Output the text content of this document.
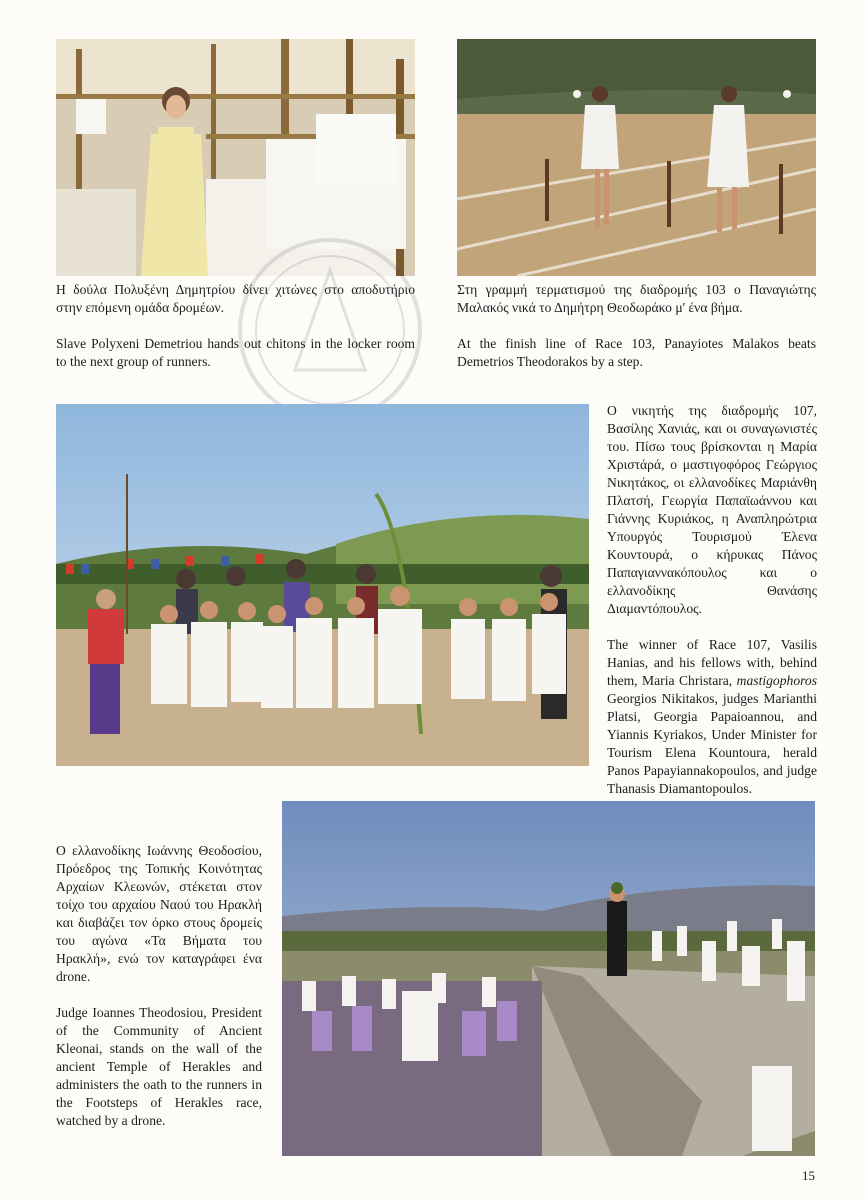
Η δούλα Πολυξένη Δημητρίου δίνει χιτώνες στο αποδυτήριο στην επόμενη ομάδα δρομέων.

Slave Polyxeni Demetriou hands out chitons in the locker room to the next group of runners.

Στη γραμμή τερματισμού της διαδρομής 103 ο Παναγιώτης Μαλακός νικά το Δημήτρη Θεοδωράκο μ' ένα βήμα.

At the finish line of Race 103, Panayiotes Malakos beats Demetrios Theodorakos by a step.

Ο νικητής της διαδρομής 107, Βασίλης Χανιάς, και οι συναγωνιστές του. Πίσω τους βρίσκονται η Μαρία Χριστάρά, ο μαστιγοφόρος Γεώργιος Νικητάκος, οι ελλανοδίκες Μαριάνθη Πλατσή, Γεωργία Παπαϊωάννου και Γιάννης Κυριάκος, η Αναπληρώτρια Υπουργός Τουρισμού Έλενα Κουντουρά, ο κήρυκας Πάνος Παπαγιαννακόπουλος και ο ελλανοδίκης Θανάσης Διαμαντόπουλος.

The winner of Race 107, Vasilis Hanias, and his fellows with, behind them, Maria Christara, mastigophoros Georgios Nikitakos, judges Marianthi Platsi, Georgia Papaioannou, and Yiannis Kyriakos, Under Minister for Tourism Elena Kountoura, herald Panos Papayiannakopoulos, and judge Thanasis Diamantopoulos.

Ο ελλανοδίκης Ιωάννης Θεοδοσίου, Πρόεδρος της Τοπικής Κοινότητας Αρχαίων Κλεωνών, στέκεται στον τοίχο του αρχαίου Ναού του Ηρακλή και διαβάζει τον όρκο στους δρομείς του αγώνα «Τα Βήματα του Ηρακλή», ενώ τον καταγράφει ένα drone.

Judge Ioannes Theodosiou, President of the Community of Ancient Kleonai, stands on the wall of the ancient Temple of Herakles and administers the oath to the runners in the Footsteps of Herakles race, watched by a drone.

15
